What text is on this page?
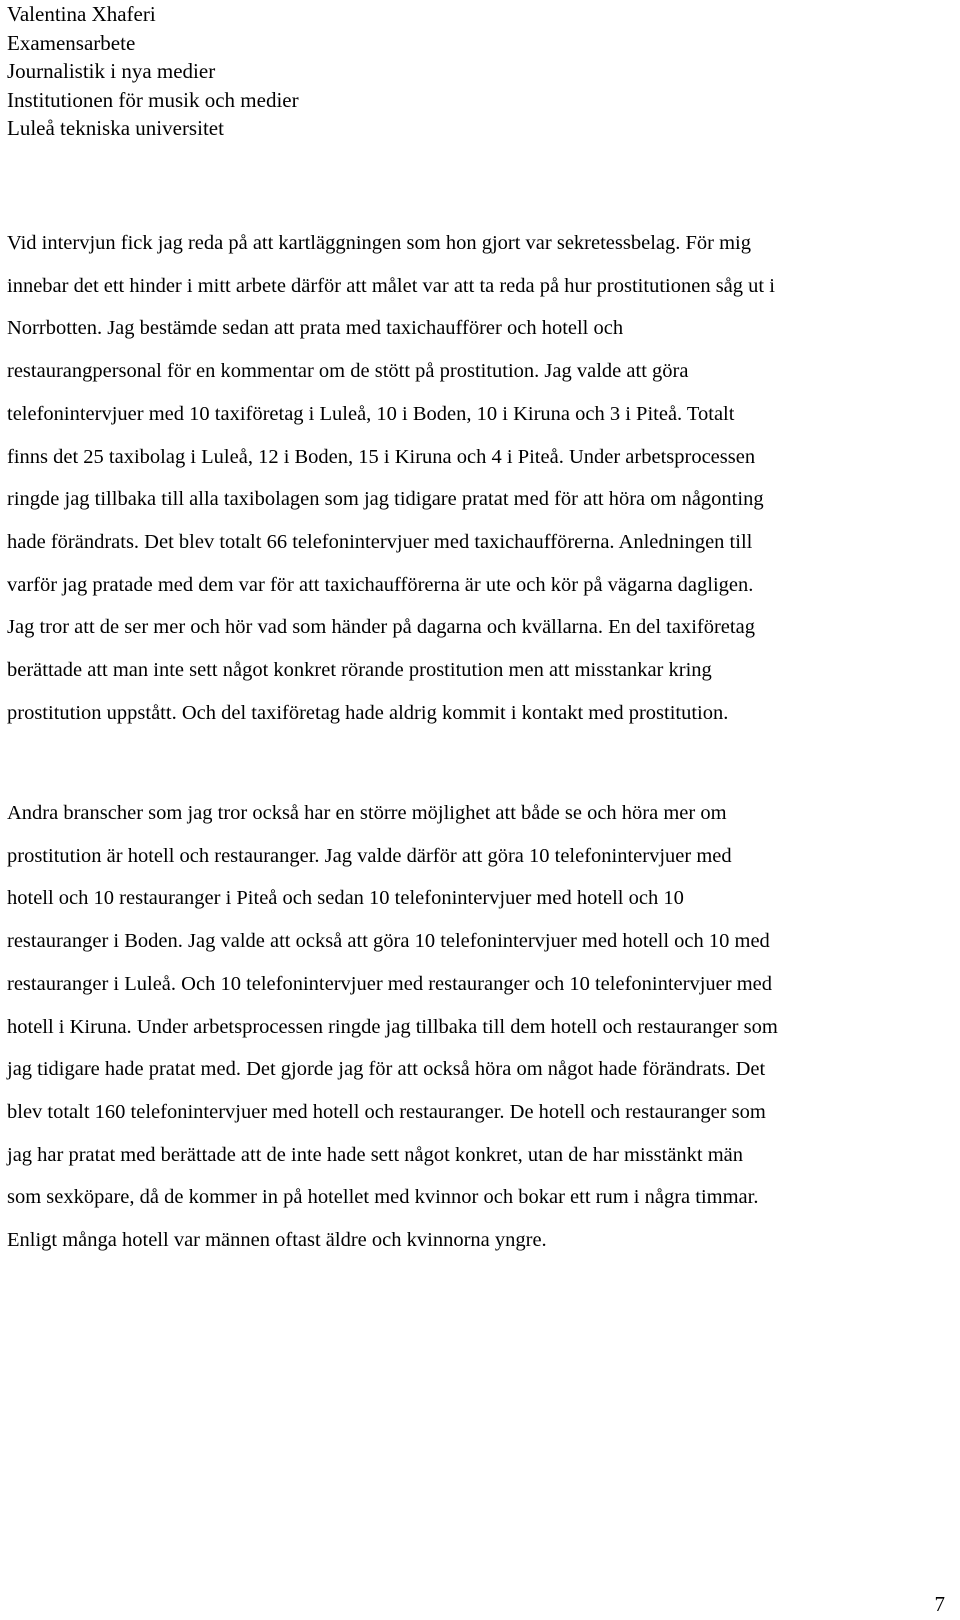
Valentina Xhaferi
Examensarbete
Journalistik i nya medier
Institutionen för musik och medier
Luleå tekniska universitet

Vid intervjun fick jag reda på att kartläggningen som hon gjort var sekretessbelag. För mig
innebar det ett hinder i mitt arbete därför att målet var att ta reda på hur prostitutionen såg ut i
Norrbotten. Jag bestämde sedan att prata med taxichaufförer och hotell och
restaurangpersonal för en kommentar om de stött på prostitution. Jag valde att göra
telefonintervjuer med 10 taxiföretag i Luleå, 10 i Boden, 10 i Kiruna och 3 i Piteå. Totalt
finns det 25 taxibolag i Luleå, 12 i Boden, 15 i Kiruna och 4 i Piteå. Under arbetsprocessen
ringde jag tillbaka till alla taxibolagen som jag tidigare pratat med för att höra om någonting
hade förändrats. Det blev totalt 66 telefonintervjuer med taxichaufförerna. Anledningen till
varför jag pratade med dem var för att taxichaufförerna är ute och kör på vägarna dagligen.
Jag tror att de ser mer och hör vad som händer på dagarna och kvällarna. En del taxiföretag
berättade att man inte sett något konkret rörande prostitution men att misstankar kring
prostitution uppstått. Och del taxiföretag hade aldrig kommit i kontakt med prostitution.

Andra branscher som jag tror också har en större möjlighet att både se och höra mer om
prostitution är hotell och restauranger. Jag valde därför att göra 10 telefonintervjuer med
hotell och 10 restauranger i Piteå och sedan 10 telefonintervjuer med hotell och 10
restauranger i Boden. Jag valde att också att göra 10 telefonintervjuer med hotell och 10 med
restauranger i Luleå. Och 10 telefonintervjuer med restauranger och 10 telefonintervjuer med
hotell i Kiruna. Under arbetsprocessen ringde jag tillbaka till dem hotell och restauranger som
jag tidigare hade pratat med. Det gjorde jag för att också höra om något hade förändrats. Det
blev totalt 160 telefonintervjuer med hotell och restauranger. De hotell och restauranger som
jag har pratat med berättade att de inte hade sett något konkret, utan de har misstänkt män
som sexköpare, då de kommer in på hotellet med kvinnor och bokar ett rum i några timmar.
Enligt många hotell var männen oftast äldre och kvinnorna yngre.

7
